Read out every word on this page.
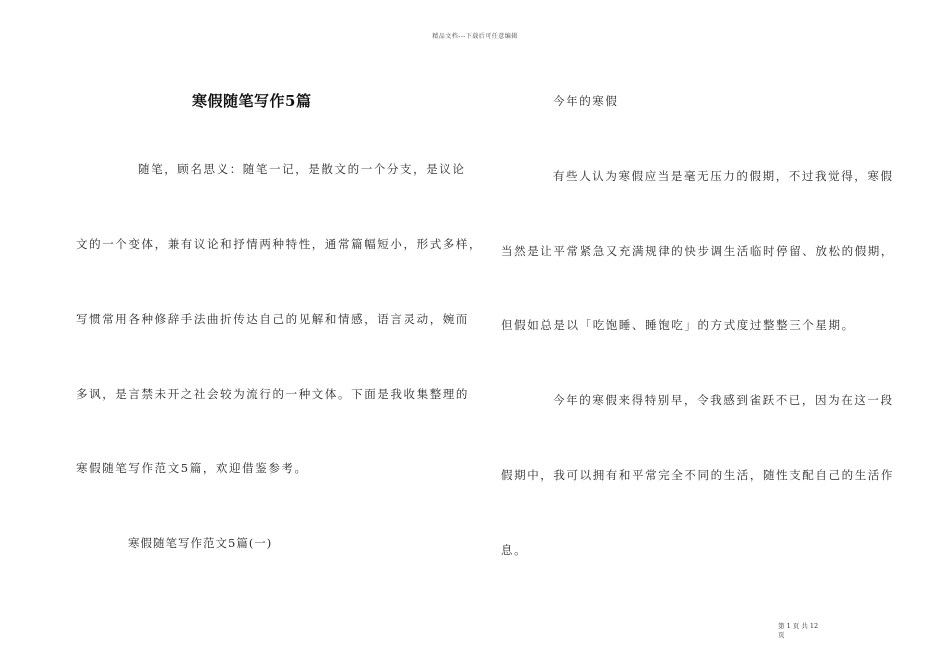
精品文档---下载后可任意编辑
寒假随笔写作5篇
随笔，顾名思义：随笔一记，是散文的一个分支，是议论
文的一个变体，兼有议论和抒情两种特性，通常篇幅短小，形式多样，
写惯常用各种修辞手法曲折传达自己的见解和情感，语言灵动，婉而
多讽，是言禁未开之社会较为流行的一种文体。下面是我收集整理的
寒假随笔写作范文5篇，欢迎借鉴参考。
寒假随笔写作范文5篇(一)
今年的寒假
有些人认为寒假应当是毫无压力的假期，不过我觉得，寒假
当然是让平常紧急又充满规律的快步调生活临时停留、放松的假期，
但假如总是以「吃饱睡、睡饱吃」的方式度过整整三个星期。
今年的寒假来得特别早，令我感到雀跃不已，因为在这一段
假期中，我可以拥有和平常完全不同的生活，随性支配自己的生活作
息。
第 1 页 共 12
页
